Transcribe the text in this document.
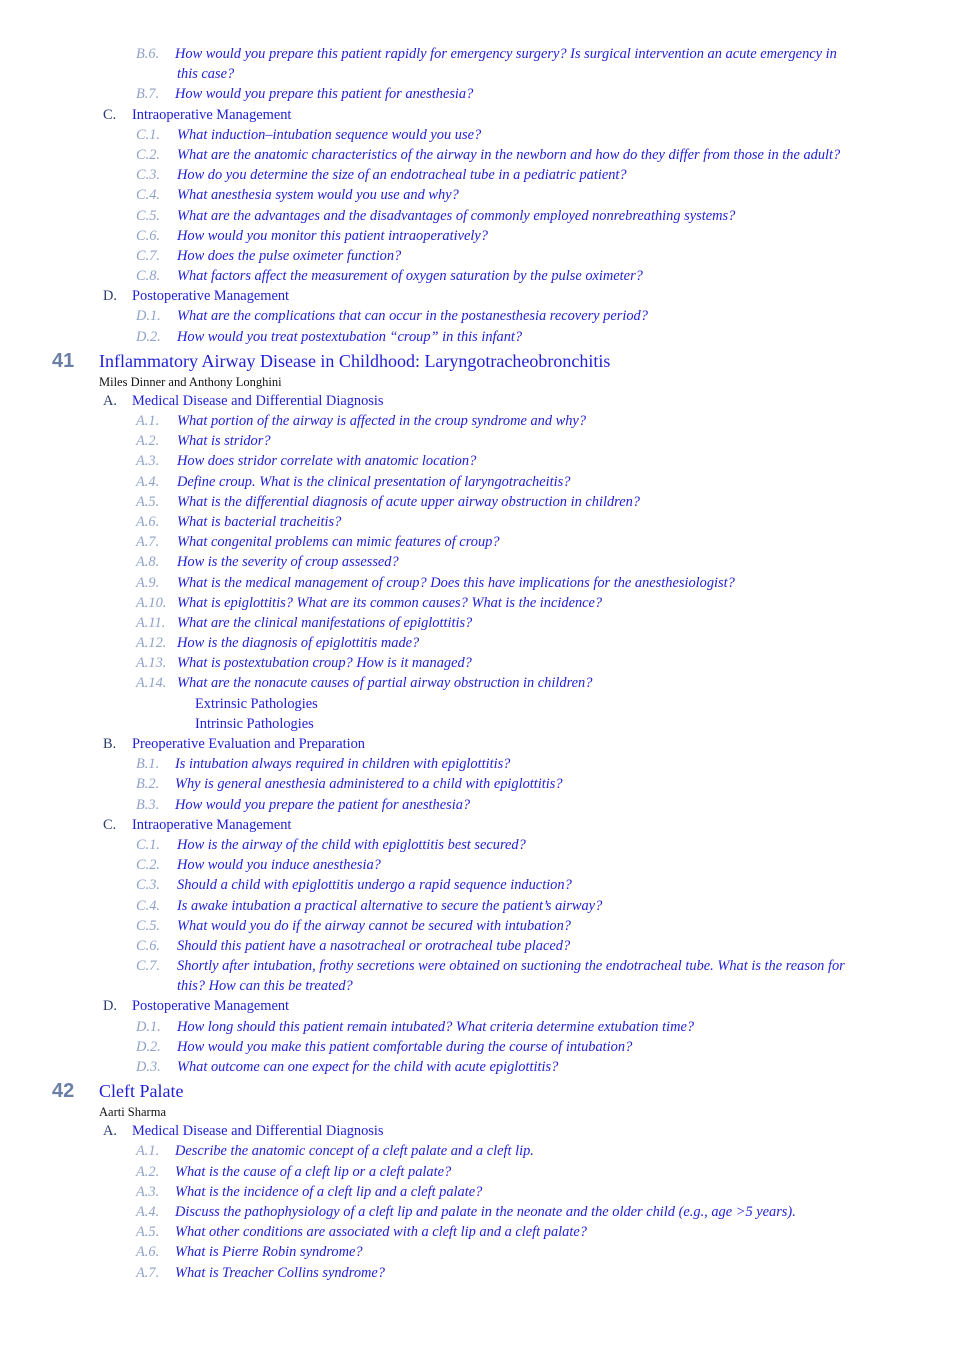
B.6. How would you prepare this patient rapidly for emergency surgery? Is surgical intervention an acute emergency in
this case?
B.7. How would you prepare this patient for anesthesia?
C. Intraoperative Management
C.1. What induction–intubation sequence would you use?
C.2. What are the anatomic characteristics of the airway in the newborn and how do they differ from those in the adult?
C.3. How do you determine the size of an endotracheal tube in a pediatric patient?
C.4. What anesthesia system would you use and why?
C.5. What are the advantages and the disadvantages of commonly employed nonrebreathing systems?
C.6. How would you monitor this patient intraoperatively?
C.7. How does the pulse oximeter function?
C.8. What factors affect the measurement of oxygen saturation by the pulse oximeter?
D. Postoperative Management
D.1. What are the complications that can occur in the postanesthesia recovery period?
D.2. How would you treat postextubation “croup” in this infant?
41 Inflammatory Airway Disease in Childhood: Laryngotracheobronchitis
Miles Dinner and Anthony Longhini
A. Medical Disease and Differential Diagnosis
A.1. What portion of the airway is affected in the croup syndrome and why?
A.2. What is stridor?
A.3. How does stridor correlate with anatomic location?
A.4. Define croup. What is the clinical presentation of laryngotracheitis?
A.5. What is the differential diagnosis of acute upper airway obstruction in children?
A.6. What is bacterial tracheitis?
A.7. What congenital problems can mimic features of croup?
A.8. How is the severity of croup assessed?
A.9. What is the medical management of croup? Does this have implications for the anesthesiologist?
A.10. What is epiglottitis? What are its common causes? What is the incidence?
A.11. What are the clinical manifestations of epiglottitis?
A.12. How is the diagnosis of epiglottitis made?
A.13. What is postextubation croup? How is it managed?
A.14. What are the nonacute causes of partial airway obstruction in children?
Extrinsic Pathologies
Intrinsic Pathologies
B. Preoperative Evaluation and Preparation
B.1. Is intubation always required in children with epiglottitis?
B.2. Why is general anesthesia administered to a child with epiglottitis?
B.3. How would you prepare the patient for anesthesia?
C. Intraoperative Management
C.1. How is the airway of the child with epiglottitis best secured?
C.2. How would you induce anesthesia?
C.3. Should a child with epiglottitis undergo a rapid sequence induction?
C.4. Is awake intubation a practical alternative to secure the patient’s airway?
C.5. What would you do if the airway cannot be secured with intubation?
C.6. Should this patient have a nasotracheal or orotracheal tube placed?
C.7. Shortly after intubation, frothy secretions were obtained on suctioning the endotracheal tube. What is the reason for
this? How can this be treated?
D. Postoperative Management
D.1. How long should this patient remain intubated? What criteria determine extubation time?
D.2. How would you make this patient comfortable during the course of intubation?
D.3. What outcome can one expect for the child with acute epiglottitis?
42 Cleft Palate
Aarti Sharma
A. Medical Disease and Differential Diagnosis
A.1. Describe the anatomic concept of a cleft palate and a cleft lip.
A.2. What is the cause of a cleft lip or a cleft palate?
A.3. What is the incidence of a cleft lip and a cleft palate?
A.4. Discuss the pathophysiology of a cleft lip and palate in the neonate and the older child (e.g., age >5 years).
A.5. What other conditions are associated with a cleft lip and a cleft palate?
A.6. What is Pierre Robin syndrome?
A.7. What is Treacher Collins syndrome?
